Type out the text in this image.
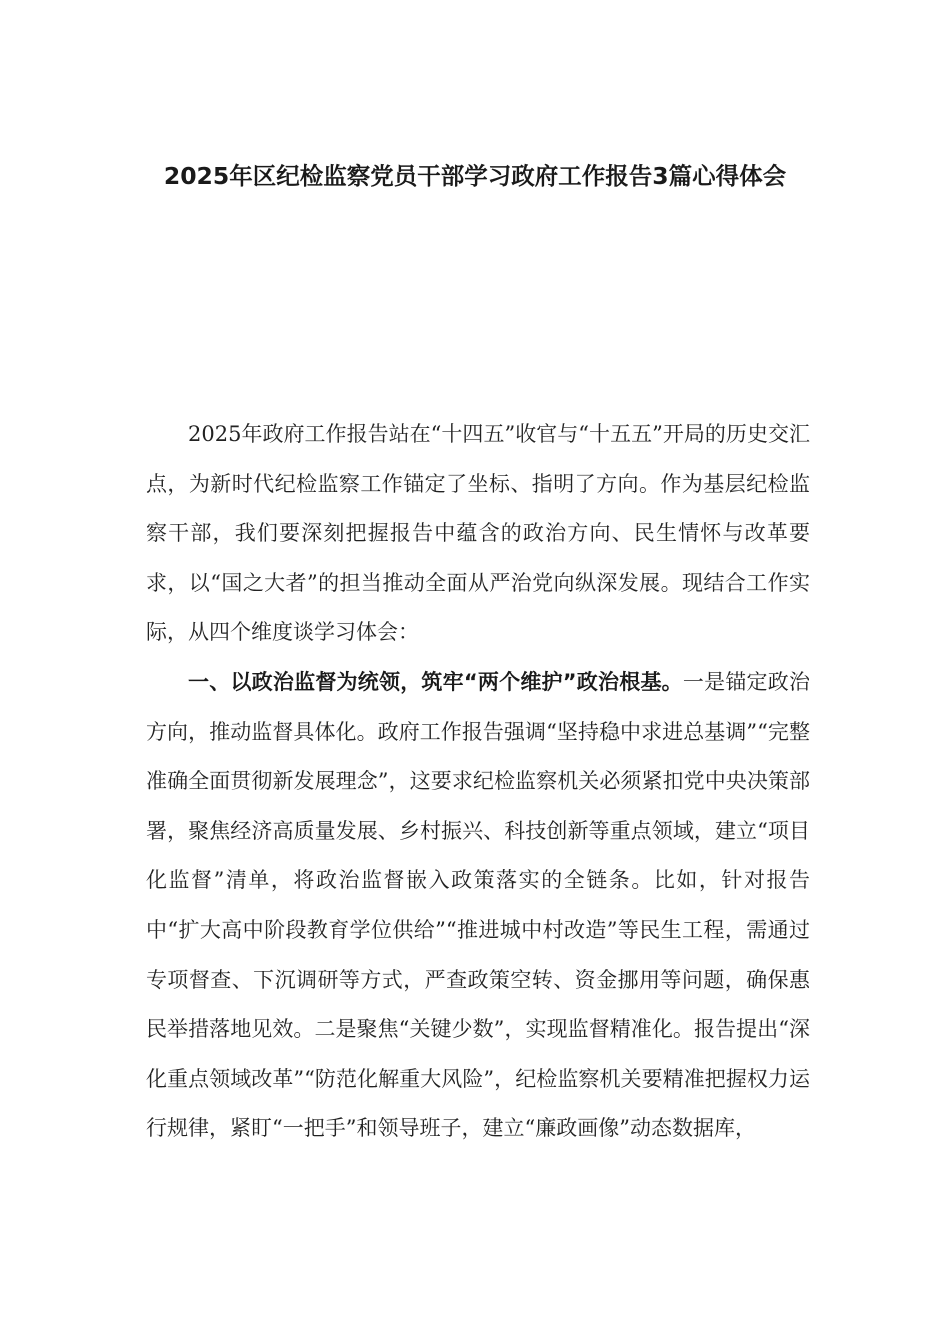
2025年区纪检监察党员干部学习政府工作报告3篇心得体会

2025年政府工作报告站在“十四五”收官与“十五五”开局的历史交汇点，为新时代纪检监察工作锚定了坐标、指明了方向。作为基层纪检监察干部，我们要深刻把握报告中蕴含的政治方向、民生情怀与改革要求，以“国之大者”的担当推动全面从严治党向纵深发展。现结合工作实际，从四个维度谈学习体会：

一、以政治监督为统领，筑牢“两个维护”政治根基。一是锚定政治方向，推动监督具体化。政府工作报告强调“坚持稳中求进总基调”“完整准确全面贯彻新发展理念”，这要求纪检监察机关必须紧扣党中央决策部署，聚焦经济高质量发展、乡村振兴、科技创新等重点领域，建立“项目化监督”清单，将政治监督嵌入政策落实的全链条。比如，针对报告中“扩大高中阶段教育学位供给”“推进城中村改造”等民生工程，需通过专项督查、下沉调研等方式，严查政策空转、资金挪用等问题，确保惠民举措落地见效。二是聚焦“关键少数”，实现监督精准化。报告提出“深化重点领域改革”“防范化解重大风险”，纪检监察机关要精准把握权力运行规律，紧盯“一把手”和领导班子，建立“廉政画像”动态数据库，
